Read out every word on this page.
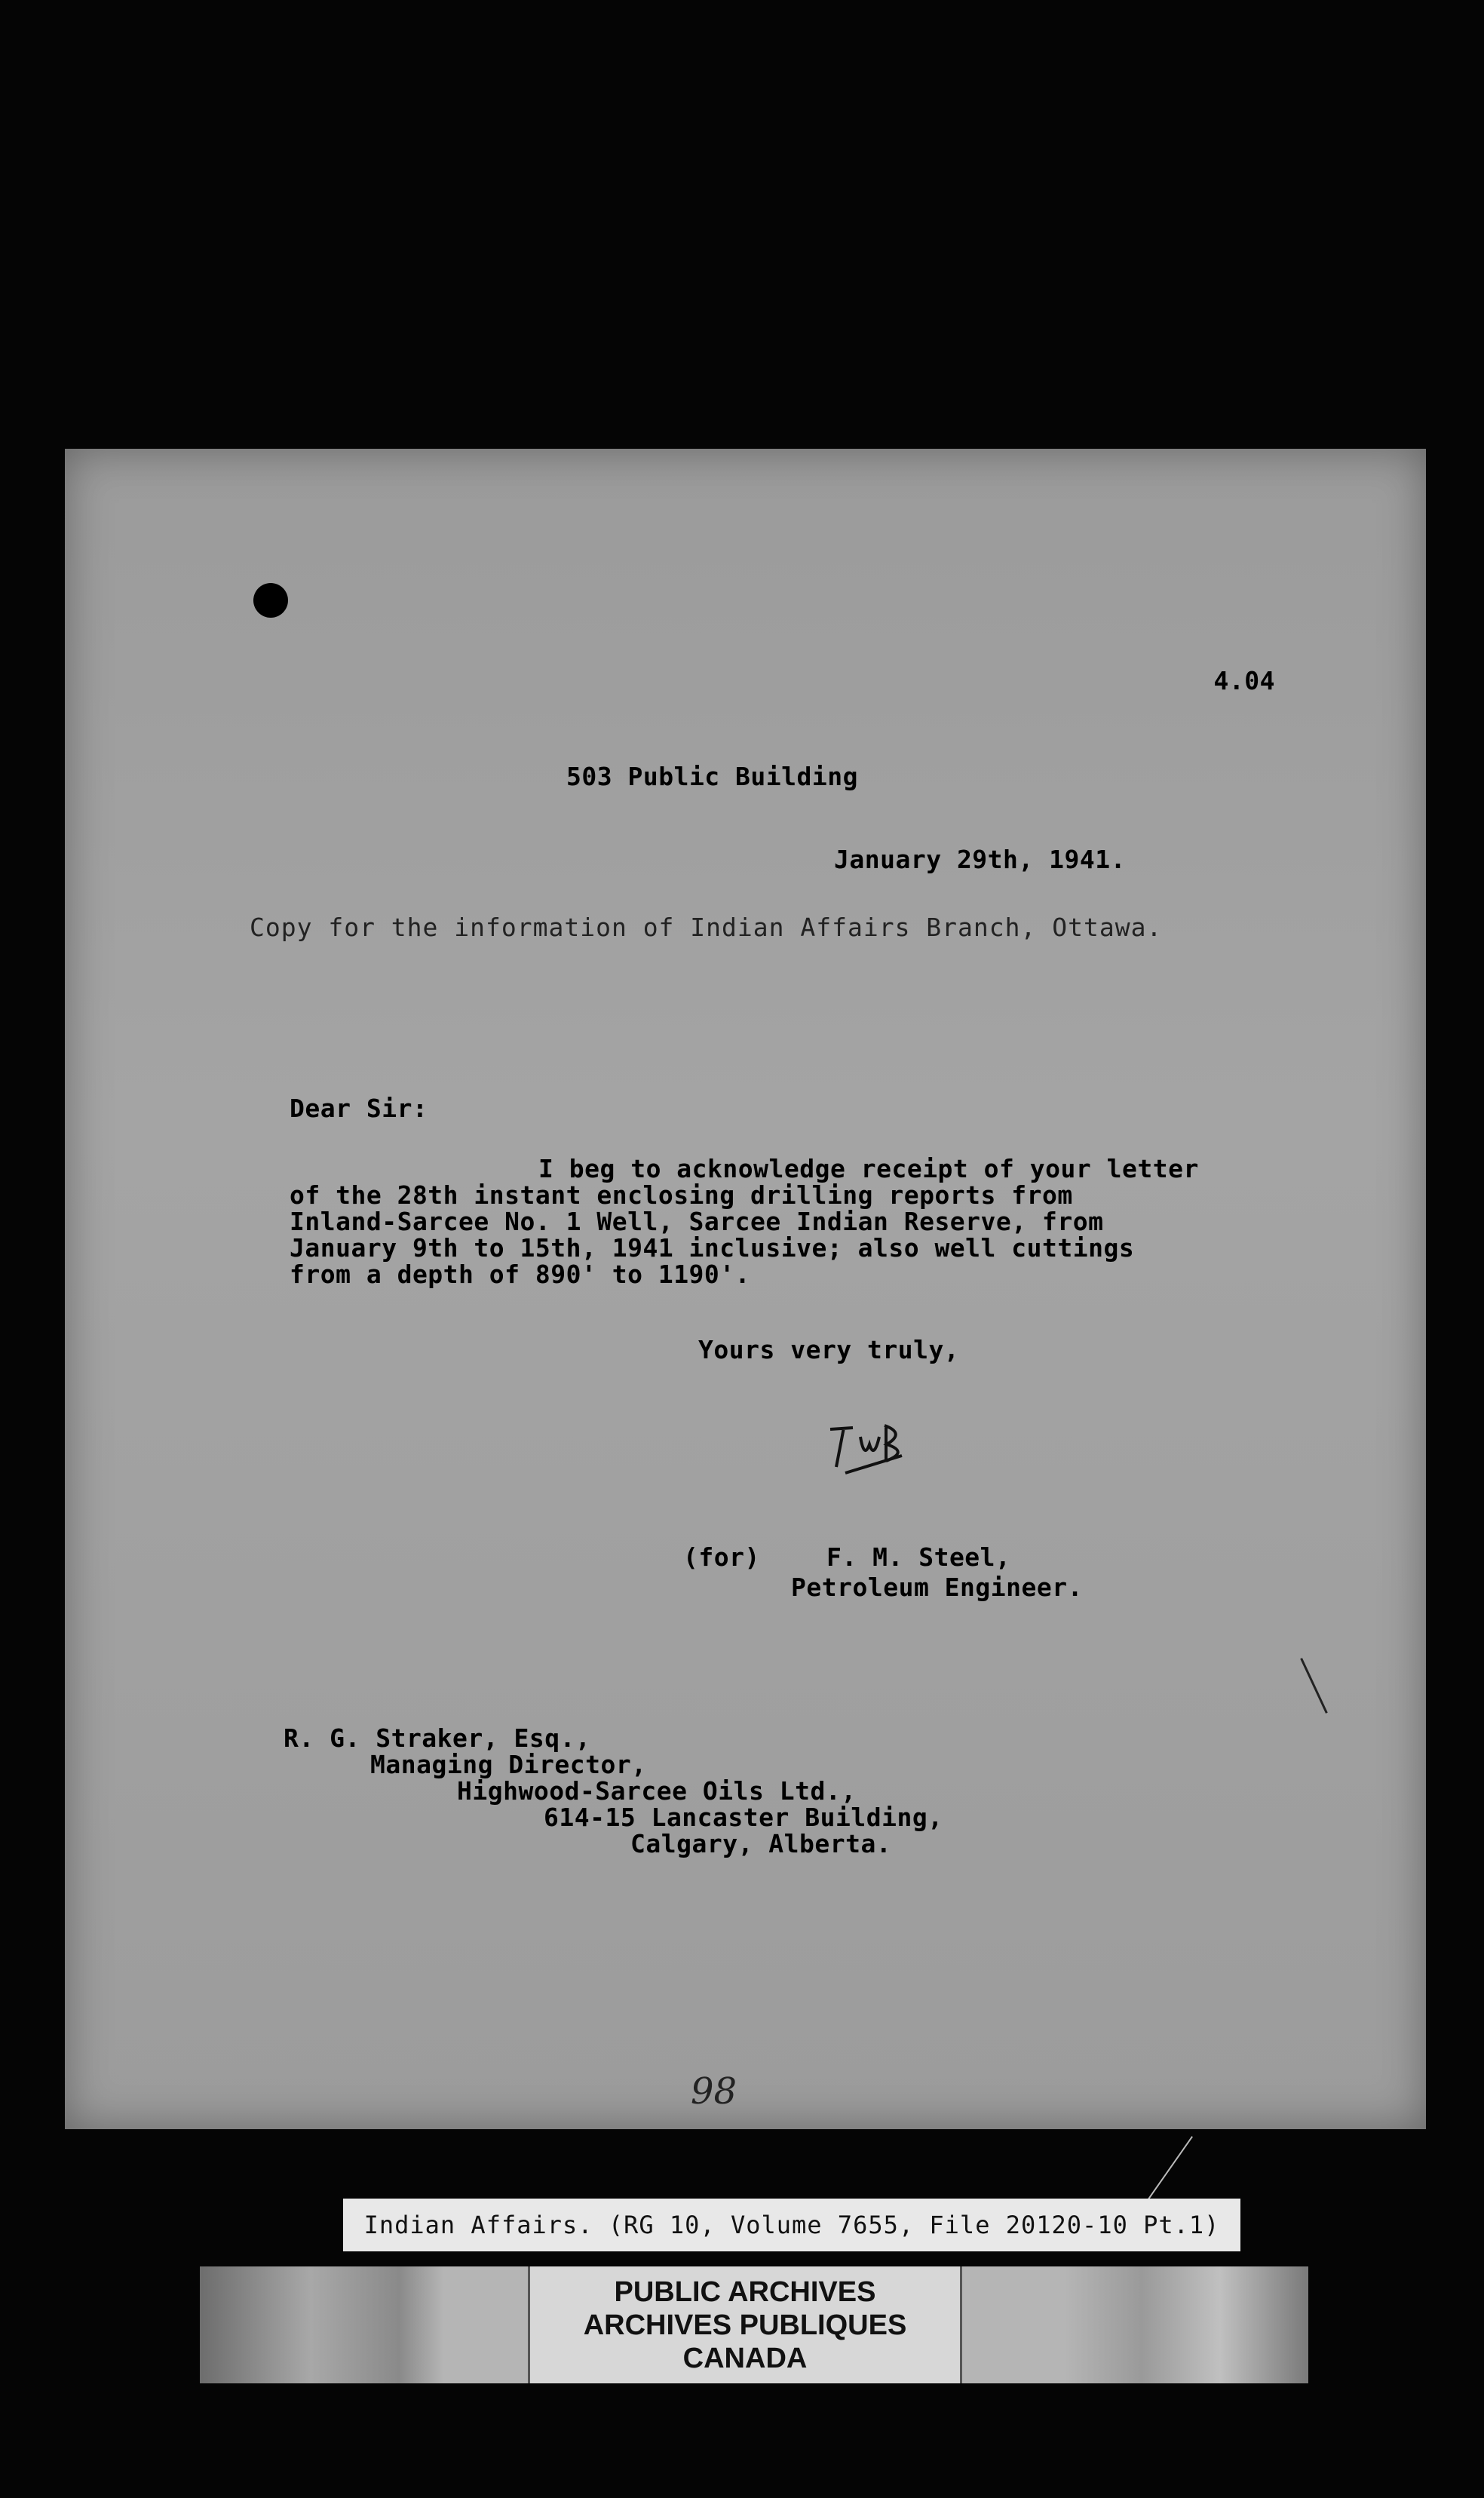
4.04
503 Public Building
January 29th, 1941.
Copy for the information of Indian Affairs Branch, Ottawa.
Dear Sir:
I beg to acknowledge receipt of your letter
of the 28th instant enclosing drilling reports from
Inland-Sarcee No. 1 Well, Sarcee Indian Reserve, from
January 9th to 15th, 1941 inclusive; also well cuttings
from a depth of 890' to 1190'.
Yours very truly,
(for)	F. M. Steel,
Petroleum Engineer.
R. G. Straker, Esq.,
Managing Director,
Highwood-Sarcee Oils Ltd.,
614-15 Lancaster Building,
Calgary, Alberta.
98
Indian Affairs. (RG 10, Volume 7655, File 20120-10 Pt.1)
PUBLIC ARCHIVES
ARCHIVES PUBLIQUES
CANADA
